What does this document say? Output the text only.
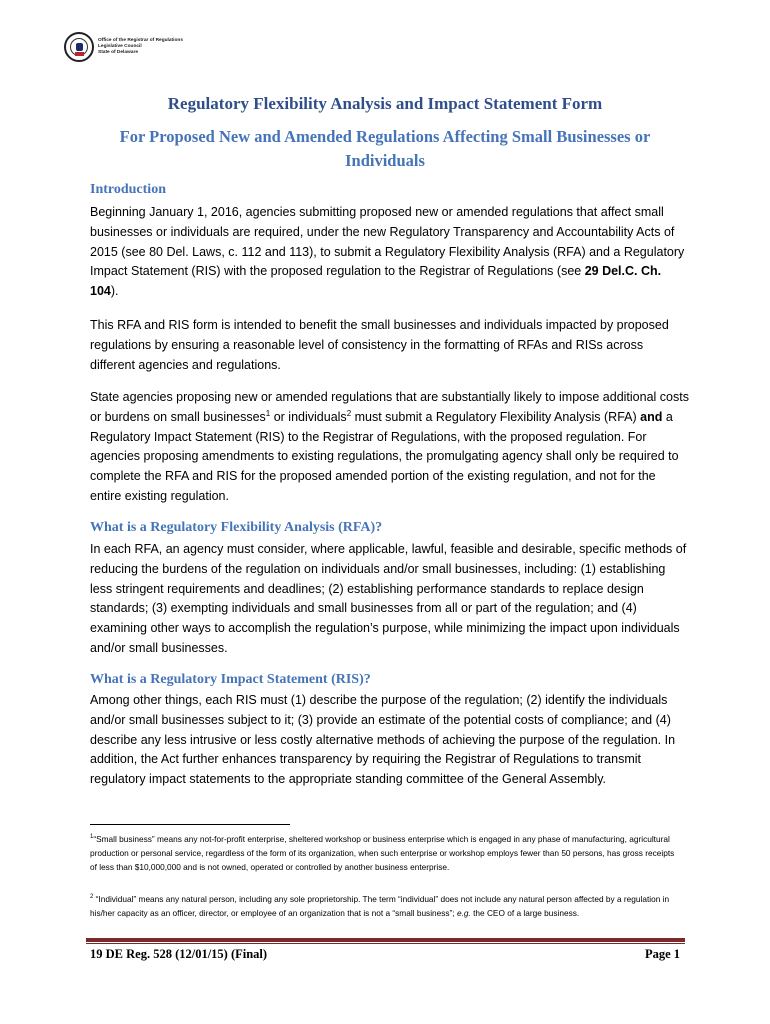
Office of the Registrar of Regulations
Legislative Council
State of Delaware
Regulatory Flexibility Analysis and Impact Statement Form
For Proposed New and Amended Regulations Affecting Small Businesses or Individuals
Introduction

Beginning January 1, 2016, agencies submitting proposed new or amended regulations that affect small businesses or individuals are required, under the new Regulatory Transparency and Accountability Acts of 2015 (see 80 Del. Laws, c. 112 and 113), to submit a Regulatory Flexibility Analysis (RFA) and a Regulatory Impact Statement (RIS) with the proposed regulation to the Registrar of Regulations (see 29 Del.C. Ch. 104).

This RFA and RIS form is intended to benefit the small businesses and individuals impacted by proposed regulations by ensuring a reasonable level of consistency in the formatting of RFAs and RISs across different agencies and regulations.

State agencies proposing new or amended regulations that are substantially likely to impose additional costs or burdens on small businesses$^1$ or individuals$^2$ must submit a Regulatory Flexibility Analysis (RFA) and a Regulatory Impact Statement (RIS) to the Registrar of Regulations, with the proposed regulation. For agencies proposing amendments to existing regulations, the promulgating agency shall only be required to complete the RFA and RIS for the proposed amended portion of the existing regulation, and not for the entire existing regulation.

What is a Regulatory Flexibility Analysis (RFA)?

In each RFA, an agency must consider, where applicable, lawful, feasible and desirable, specific methods of reducing the burdens of the regulation on individuals and/or small businesses, including: (1) establishing less stringent requirements and deadlines; (2) establishing performance standards to replace design standards; (3) exempting individuals and small businesses from all or part of the regulation; and (4) examining other ways to accomplish the regulation’s purpose, while minimizing the impact upon individuals and/or small businesses.

What is a Regulatory Impact Statement (RIS)?

Among other things, each RIS must (1) describe the purpose of the regulation; (2) identify the individuals and/or small businesses subject to it; (3) provide an estimate of the potential costs of compliance; and (4) describe any less intrusive or less costly alternative methods of achieving the purpose of the regulation. In addition, the Act further enhances transparency by requiring the Registrar of Regulations to transmit regulatory impact statements to the appropriate standing committee of the General Assembly.

$^1$“Small business” means any not-for-profit enterprise, sheltered workshop or business enterprise which is engaged in any phase of manufacturing, agricultural production or personal service, regardless of the form of its organization, when such enterprise or workshop employs fewer than 50 persons, has gross receipts of less than $10,000,000 and is not owned, operated or controlled by another business enterprise.

$^2$ “Individual” means any natural person, including any sole proprietorship. The term “individual” does not include any natural person affected by a regulation in his/her capacity as an officer, director, or employee of an organization that is not a “small business”; e.g. the CEO of a large business.

19 DE Reg. 528 (12/01/15) (Final)	Page 1
